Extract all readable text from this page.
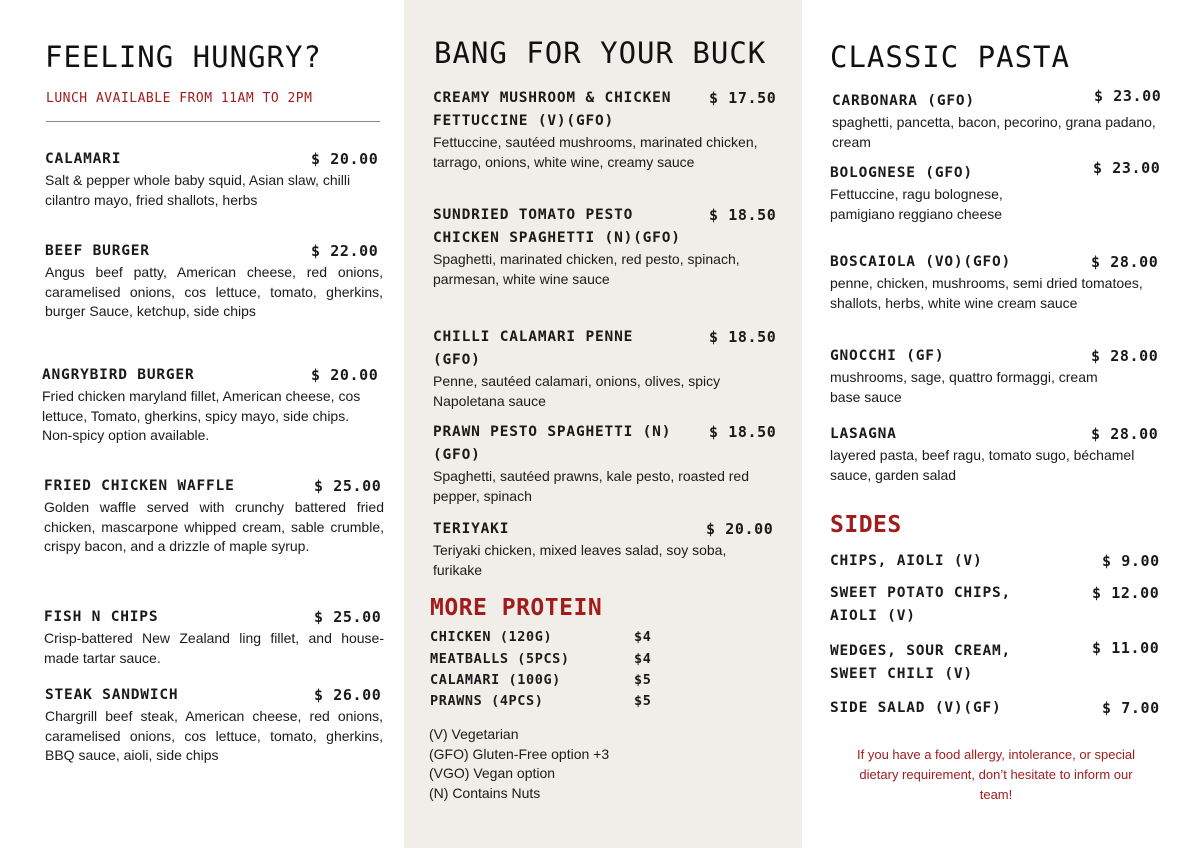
FEELING HUNGRY?
LUNCH AVAILABLE FROM 11AM TO 2PM
CALAMARI	$ 20.00
Salt & pepper whole baby squid, Asian slaw, chilli cilantro mayo, fried shallots, herbs
BEEF BURGER	$ 22.00
Angus beef patty, American cheese, red onions, caramelised onions, cos lettuce, tomato, gherkins, burger Sauce, ketchup, side chips
ANGRYBIRD BURGER	$ 20.00
Fried chicken maryland fillet, American cheese, cos lettuce, Tomato, gherkins, spicy mayo, side chips. Non-spicy option available.
FRIED CHICKEN WAFFLE	$ 25.00
Golden waffle served with crunchy battered fried chicken, mascarpone whipped cream, sable crumble, crispy bacon, and a drizzle of maple syrup.
FISH N CHIPS	$ 25.00
Crisp-battered New Zealand ling fillet, and house-made tartar sauce.
STEAK SANDWICH	$ 26.00
Chargrill beef steak, American cheese, red onions, caramelised onions, cos lettuce, tomato, gherkins, BBQ sauce, aioli, side chips
BANG FOR YOUR BUCK
CREAMY MUSHROOM & CHICKEN FETTUCCINE (V)(GFO)
$ 17.50
Fettuccine, sautéed mushrooms, marinated chicken, tarrago, onions, white wine, creamy sauce
SUNDRIED TOMATO PESTO CHICKEN SPAGHETTI (N)(GFO)
$ 18.50
Spaghetti, marinated chicken, red pesto, spinach, parmesan, white wine sauce
CHILLI CALAMARI PENNE (GFO)
$ 18.50
Penne, sautéed calamari, onions, olives, spicy Napoletana sauce
PRAWN PESTO SPAGHETTI (N)(GFO)
$ 18.50
Spaghetti, sautéed prawns, kale pesto, roasted red pepper, spinach
TERIYAKI	$ 20.00
Teriyaki chicken, mixed leaves salad, soy soba, furikake
MORE PROTEIN
CHICKEN (120G)	$4
MEATBALLS (5PCS)	$4
CALAMARI (100G)	$5
PRAWNS (4PCS)	$5
(V) Vegetarian
(GFO) Gluten-Free option +3
(VGO) Vegan option
(N) Contains Nuts
CLASSIC PASTA
CARBONARA (GFO)	$ 23.00
spaghetti, pancetta, bacon, pecorino, grana padano, cream
BOLOGNESE (GFO)	$ 23.00
Fettuccine, ragu bolognese, pamigiano reggiano cheese
BOSCAIOLA (VO)(GFO)	$ 28.00
penne, chicken, mushrooms, semi dried tomatoes, shallots, herbs, white wine cream sauce
GNOCCHI (GF)	$ 28.00
mushrooms, sage, quattro formaggi, cream base sauce
LASAGNA	$ 28.00
layered pasta, beef ragu, tomato sugo, béchamel sauce, garden salad
SIDES
CHIPS, AIOLI (V)	$ 9.00
SWEET POTATO CHIPS, AIOLI (V)
$ 12.00
WEDGES, SOUR CREAM, SWEET CHILI (V)
$ 11.00
SIDE SALAD (V)(GF)	$ 7.00
If you have a food allergy, intolerance, or special dietary requirement, don’t hesitate to inform our team!
